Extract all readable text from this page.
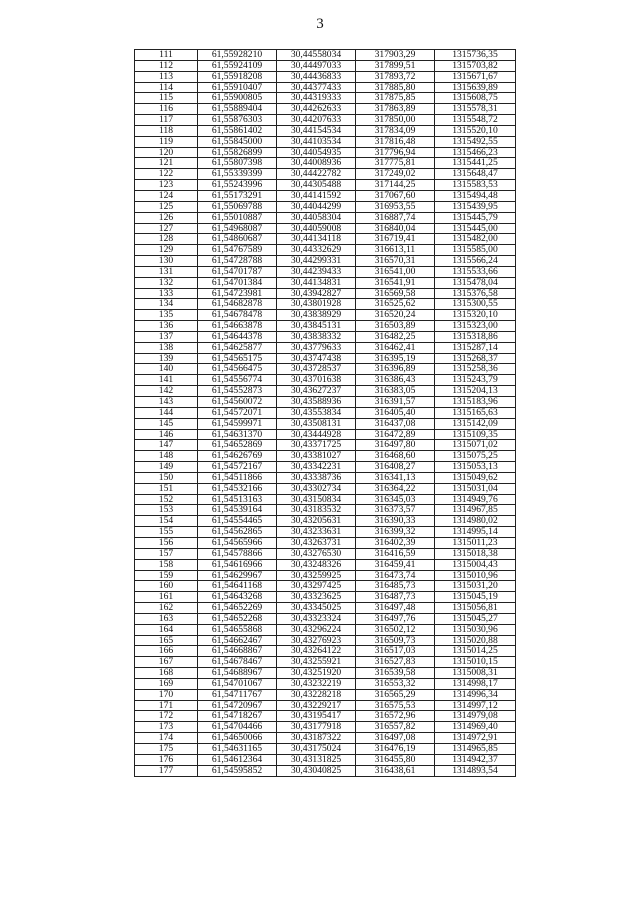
3
111	61,55928210	30,44558034	317903,29	1315736,35
112	61,55924109	30,44497033	317899,51	1315703,82
113	61,55918208	30,44436833	317893,72	1315671,67
114	61,55910407	30,44377433	317885,80	1315639,89
115	61,55900805	30,44319333	317875,85	1315608,75
116	61,55889404	30,44262633	317863,89	1315578,31
117	61,55876303	30,44207633	317850,00	1315548,72
118	61,55861402	30,44154534	317834,09	1315520,10
119	61,55845000	30,44103534	317816,48	1315492,55
120	61,55826899	30,44054935	317796,94	1315466,23
121	61,55807398	30,44008936	317775,81	1315441,25
122	61,55339399	30,44422782	317249,02	1315648,47
123	61,55243996	30,44305488	317144,25	1315583,53
124	61,55173291	30,44141592	317067,60	1315494,48
125	61,55069788	30,44044299	316953,55	1315439,95
126	61,55010887	30,44058304	316887,74	1315445,79
127	61,54968087	30,44059008	316840,04	1315445,00
128	61,54860687	30,44134118	316719,41	1315482,00
129	61,54767589	30,44332629	316613,11	1315585,00
130	61,54728788	30,44299331	316570,31	1315566,24
131	61,54701787	30,44239433	316541,00	1315533,66
132	61,54701384	30,44134831	316541,91	1315478,04
133	61,54723981	30,43942827	316569,58	1315376,58
134	61,54682878	30,43801928	316525,62	1315300,55
135	61,54678478	30,43838929	316520,24	1315320,10
136	61,54663878	30,43845131	316503,89	1315323,00
137	61,54644378	30,43838332	316482,25	1315318,86
138	61,54625877	30,43779633	316462,41	1315287,14
139	61,54565175	30,43747438	316395,19	1315268,37
140	61,54566475	30,43728537	316396,89	1315258,36
141	61,54556774	30,43701638	316386,43	1315243,79
142	61,54552873	30,43627237	316383,05	1315204,13
143	61,54560072	30,43588936	316391,57	1315183,96
144	61,54572071	30,43553834	316405,40	1315165,63
145	61,54599971	30,43508131	316437,08	1315142,09
146	61,54631370	30,43444928	316472,89	1315109,35
147	61,54652869	30,43371725	316497,80	1315071,02
148	61,54626769	30,43381027	316468,60	1315075,25
149	61,54572167	30,43342231	316408,27	1315053,13
150	61,54511866	30,43338736	316341,13	1315049,62
151	61,54532166	30,43302734	316364,22	1315031,04
152	61,54513163	30,43150834	316345,03	1314949,76
153	61,54539164	30,43183532	316373,57	1314967,85
154	61,54554465	30,43205631	316390,33	1314980,02
155	61,54562865	30,43233631	316399,32	1314995,14
156	61,54565966	30,43263731	316402,39	1315011,23
157	61,54578866	30,43276530	316416,59	1315018,38
158	61,54616966	30,43248326	316459,41	1315004,43
159	61,54629967	30,43259925	316473,74	1315010,96
160	61,54641168	30,43297425	316485,73	1315031,20
161	61,54643268	30,43323625	316487,73	1315045,19
162	61,54652269	30,43345025	316497,48	1315056,81
163	61,54652268	30,43323324	316497,76	1315045,27
164	61,54655868	30,43296224	316502,12	1315030,96
165	61,54662467	30,43276923	316509,73	1315020,88
166	61,54668867	30,43264122	316517,03	1315014,25
167	61,54678467	30,43255921	316527,83	1315010,15
168	61,54688967	30,43251920	316539,58	1315008,31
169	61,54701067	30,43232219	316553,32	1314998,17
170	61,54711767	30,43228218	316565,29	1314996,34
171	61,54720967	30,43229217	316575,53	1314997,12
172	61,54718267	30,43195417	316572,96	1314979,08
173	61,54704466	30,43177918	316557,82	1314969,40
174	61,54650066	30,43187322	316497,08	1314972,91
175	61,54631165	30,43175024	316476,19	1314965,85
176	61,54612364	30,43131825	316455,80	1314942,37
177	61,54595852	30,43040825	316438,61	1314893,54
